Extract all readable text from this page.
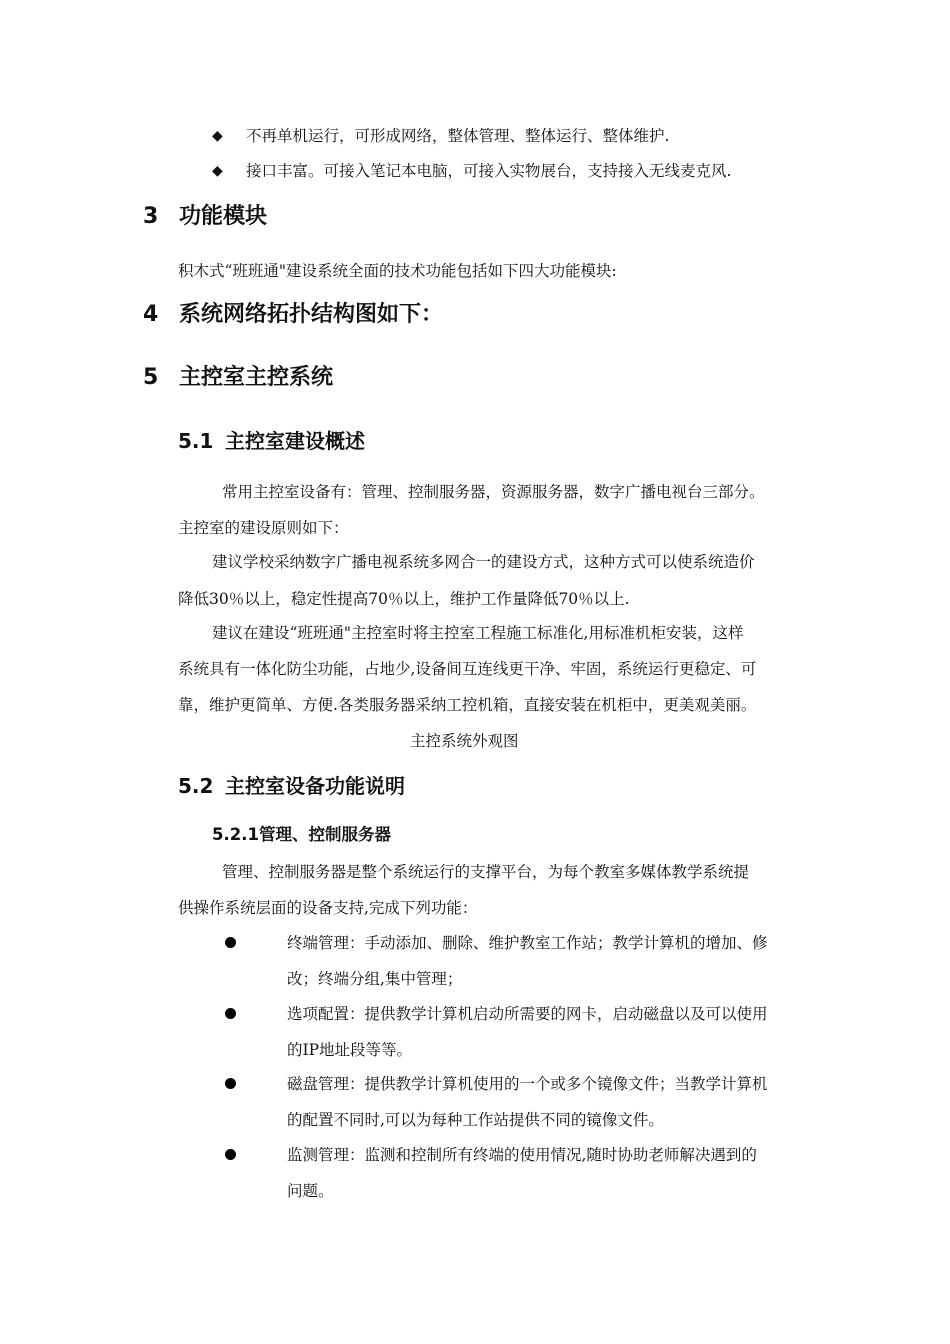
◆ 不再单机运行，可形成网络，整体管理、整体运行、整体维护.
◆ 接口丰富。可接入笔记本电脑，可接入实物展台，支持接入无线麦克风.
3 功能模块
积木式“班班通"建设系统全面的技术功能包括如下四大功能模块:
4 系统网络拓扑结构图如下：
5 主控室主控系统
5.1 主控室建设概述
常用主控室设备有：管理、控制服务器，资源服务器，数字广播电视台三部分。
主控室的建设原则如下：
建议学校采纳数字广播电视系统多网合一的建设方式，这种方式可以使系统造价
降低30％以上，稳定性提高70％以上，维护工作量降低70％以上.
建议在建设“班班通"主控室时将主控室工程施工标准化,用标准机柜安装，这样
系统具有一体化防尘功能，占地少,设备间互连线更干净、牢固，系统运行更稳定、可
靠，维护更简单、方便.各类服务器采纳工控机箱，直接安装在机柜中，更美观美丽。
主控系统外观图
5.2 主控室设备功能说明
5.2.1管理、控制服务器
管理、控制服务器是整个系统运行的支撑平台，为每个教室多媒体教学系统提
供操作系统层面的设备支持,完成下列功能：
终端管理：手动添加、删除、维护教室工作站；教学计算机的增加、修
改；终端分组,集中管理；
选项配置：提供教学计算机启动所需要的网卡，启动磁盘以及可以使用
的IP地址段等等。
磁盘管理：提供教学计算机使用的一个或多个镜像文件；当教学计算机
的配置不同时,可以为每种工作站提供不同的镜像文件。
监测管理：监测和控制所有终端的使用情况,随时协助老师解决遇到的
问题。
